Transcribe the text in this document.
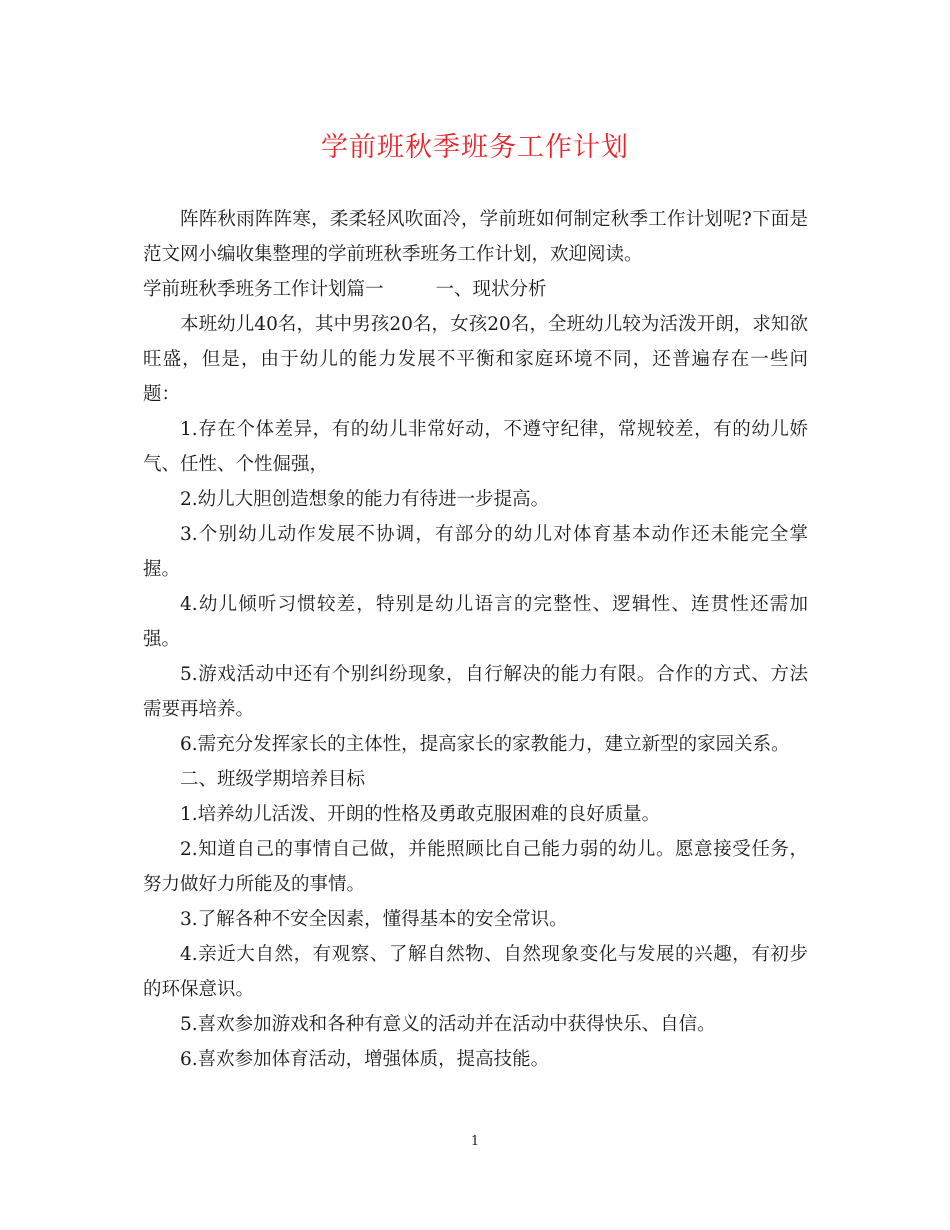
学前班秋季班务工作计划

阵阵秋雨阵阵寒，柔柔轻风吹面冷，学前班如何制定秋季工作计划呢?下面是范文网小编收集整理的学前班秋季班务工作计划，欢迎阅读。

学前班秋季班务工作计划篇一	一、现状分析

本班幼儿40名，其中男孩20名，女孩20名，全班幼儿较为活泼开朗，求知欲旺盛，但是，由于幼儿的能力发展不平衡和家庭环境不同，还普遍存在一些问题：

1.存在个体差异，有的幼儿非常好动，不遵守纪律，常规较差，有的幼儿娇气、任性、个性倔强，

2.幼儿大胆创造想象的能力有待进一步提高。

3.个别幼儿动作发展不协调，有部分的幼儿对体育基本动作还未能完全掌握。

4.幼儿倾听习惯较差，特别是幼儿语言的完整性、逻辑性、连贯性还需加强。

5.游戏活动中还有个别纠纷现象，自行解决的能力有限。合作的方式、方法需要再培养。

6.需充分发挥家长的主体性，提高家长的家教能力，建立新型的家园关系。

二、班级学期培养目标

1.培养幼儿活泼、开朗的性格及勇敢克服困难的良好质量。

2.知道自己的事情自己做，并能照顾比自己能力弱的幼儿。愿意接受任务，努力做好力所能及的事情。

3.了解各种不安全因素，懂得基本的安全常识。

4.亲近大自然，有观察、了解自然物、自然现象变化与发展的兴趣，有初步的环保意识。

5.喜欢参加游戏和各种有意义的活动并在活动中获得快乐、自信。

6.喜欢参加体育活动，增强体质，提高技能。

1
